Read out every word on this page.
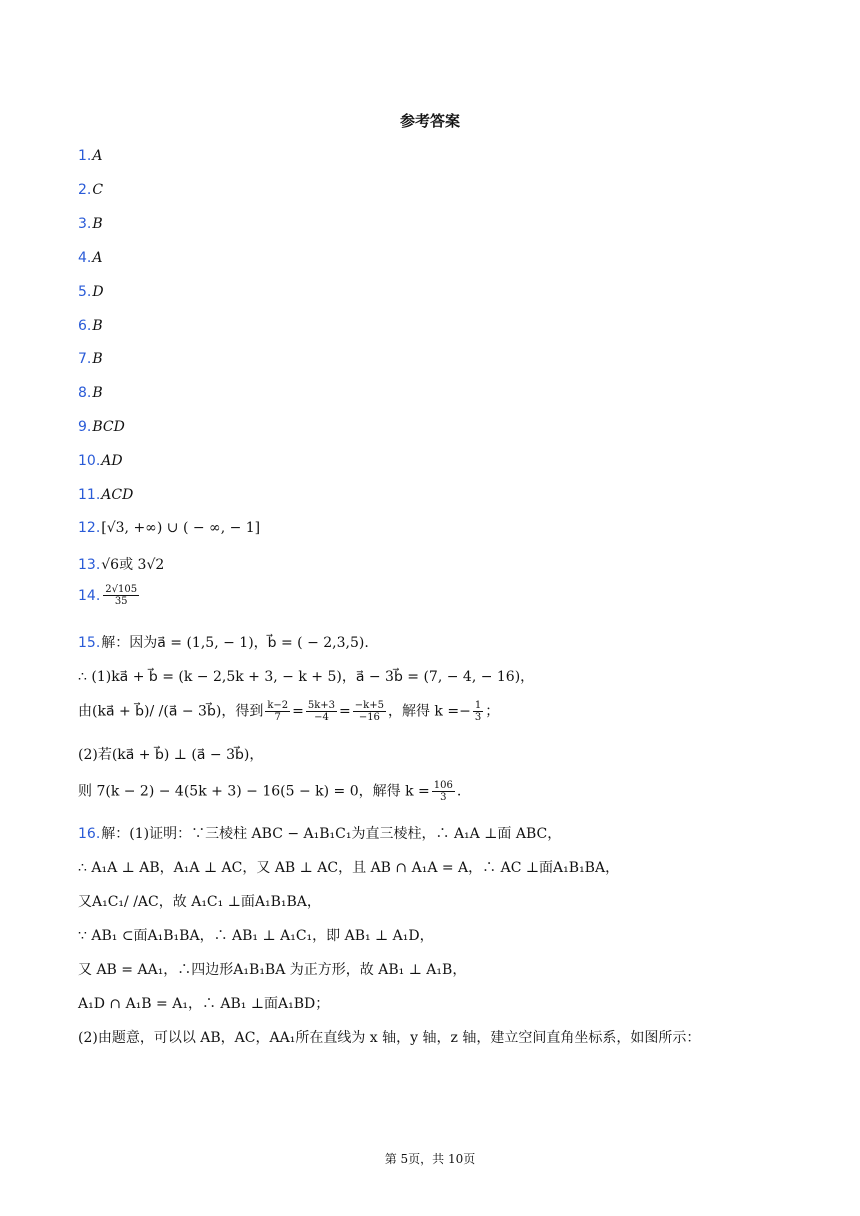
参考答案
1.A
2.C
3.B
4.A
5.D
6.B
7.B
8.B
9.BCD
10.AD
11.ACD
12.[√3, +∞) ∪ ( − ∞, − 1]
13.√6或 3√2
14. $\frac{2√105}{35}$
15.解：因为a⃗ = (1,5, − 1)，b⃗ = ( − 2,3,5).
∴ (1)ka⃗ + b⃗ = (k − 2,5k + 3, − k + 5)，a⃗ − 3b⃗ = (7, − 4, − 16)，
由(ka⃗ + b⃗)/ /(a⃗ − 3b⃗)，得到 $\frac{k-2}{7} = \frac{5k+3}{-4} = \frac{-k+5}{-16}$ ，解得 $k =- \frac{1}{3}$ ；
(2)若(ka⃗ + b⃗) ⊥ (a⃗ − 3b⃗)，
则 7(k − 2) − 4(5k + 3) − 16(5 − k) = 0，解得 $k = \frac{106}{3}$ .
16.解：(1)证明：∵三棱柱 ABC − A₁B₁C₁为直三棱柱，∴ A₁A ⊥面 ABC，
∴ A₁A ⊥ AB，A₁A ⊥ AC，又 AB ⊥ AC，且 AB ∩ A₁A = A，∴ AC ⊥面A₁B₁BA，
又A₁C₁/ /AC，故 A₁C₁ ⊥面A₁B₁BA，
∵ AB₁ ⊂面A₁B₁BA，∴ AB₁ ⊥ A₁C₁，即 AB₁ ⊥ A₁D，
又 AB = AA₁，∴四边形A₁B₁BA 为正方形，故 AB₁ ⊥ A₁B，
A₁D ∩ A₁B = A₁，∴ AB₁ ⊥面A₁BD；
(2)由题意，可以以 AB，AC，AA₁所在直线为 x 轴，y 轴，z 轴，建立空间直角坐标系，如图所示：
第 5页，共 10页
